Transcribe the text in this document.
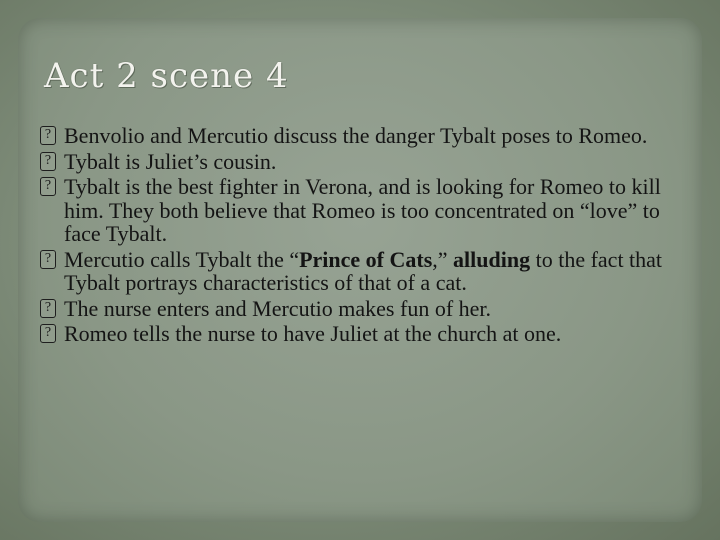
Act 2 scene 4
? Benvolio and Mercutio discuss the danger Tybalt poses to Romeo.
? Tybalt is Juliet’s cousin.
? Tybalt is the best fighter in Verona, and is looking for Romeo to kill him. They both believe that Romeo is too concentrated on “love” to face Tybalt.
? Mercutio calls Tybalt the “Prince of Cats,” alluding to the fact that Tybalt portrays characteristics of that of a cat.
? The nurse enters and Mercutio makes fun of her.
? Romeo tells the nurse to have Juliet at the church at one.
